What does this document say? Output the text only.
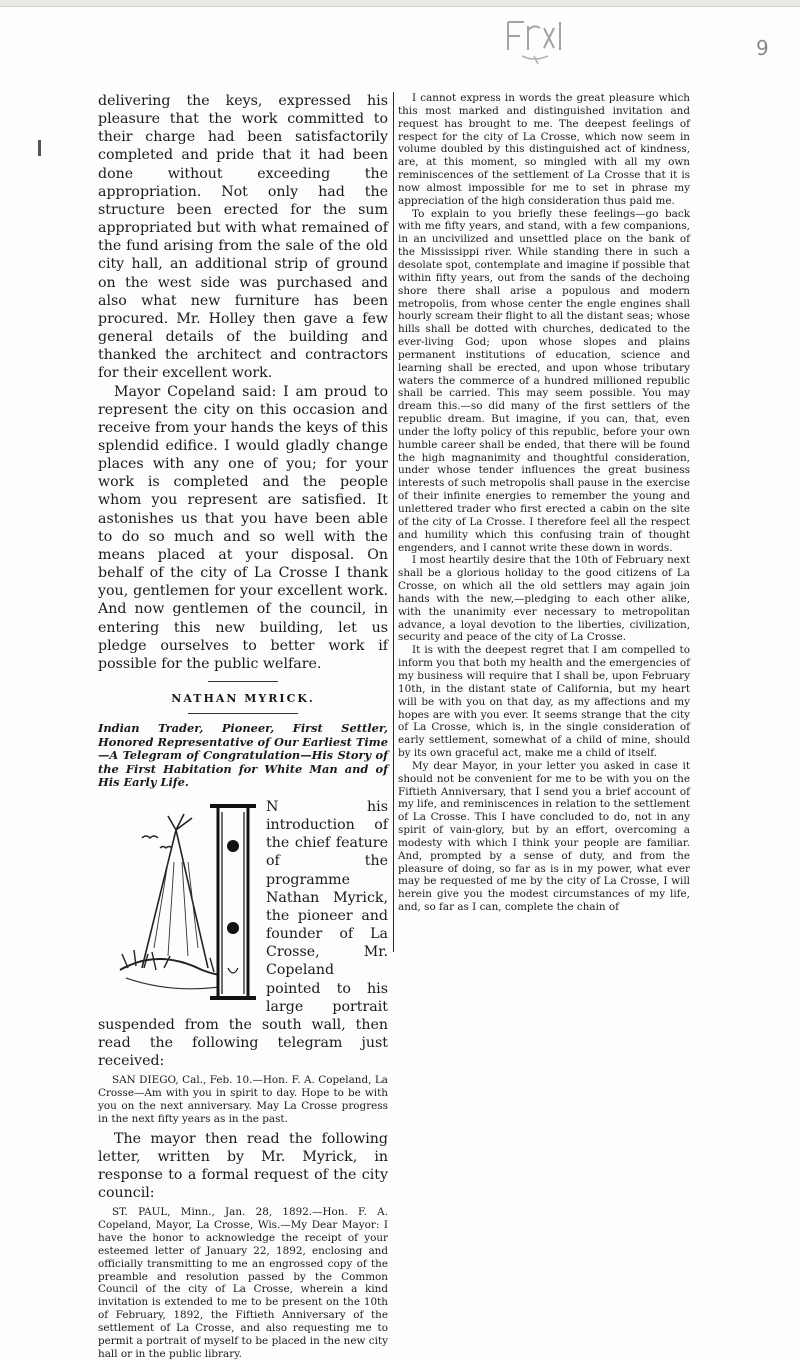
9

delivering the keys, expressed his pleasure that the work committed to their charge had been satisfactorily completed and pride that it had been done without exceeding the appropriation. Not only had the structure been erected for the sum appropriated but with what remained of the fund arising from the sale of the old city hall, an additional strip of ground on the west side was purchased and also what new furniture has been procured. Mr. Holley then gave a few general details of the building and thanked the architect and contractors for their excellent work.

Mayor Copeland said: I am proud to represent the city on this occasion and receive from your hands the keys of this splendid edifice. I would gladly change places with any one of you; for your work is completed and the people whom you represent are satisfied. It astonishes us that you have been able to do so much and so well with the means placed at your disposal. On behalf of the city of La Crosse I thank you, gentlemen for your excellent work. And now gentlemen of the council, in entering this new building, let us pledge ourselves to better work if possible for the public welfare.

NATHAN MYRICK.

Indian Trader, Pioneer, First Settler, Honored Representative of Our Earliest Time—A Telegram of Congratulation—His Story of the First Habitation for White Man and of His Early Life.

N his introduction of the chief feature of the programme Nathan Myrick, the pioneer and founder of La Crosse, Mr. Copeland pointed to his large portrait suspended from the south wall, then read the following telegram just received:

SAN DIEGO, Cal., Feb. 10.—Hon. F. A. Copeland, La Crosse—Am with you in spirit to day. Hope to be with you on the next anniversary. May La Crosse progress in the next fifty years as in the past.

The mayor then read the following letter, written by Mr. Myrick, in response to a formal request of the city council:

ST. PAUL, Minn., Jan. 28, 1892.—Hon. F. A. Copeland, Mayor, La Crosse, Wis.—My Dear Mayor: I have the honor to acknowledge the receipt of your esteemed letter of January 22, 1892, enclosing and officially transmitting to me an engrossed copy of the preamble and resolution passed by the Common Council of the city of La Crosse, wherein a kind invitation is extended to me to be present on the 10th of February, 1892, the Fiftieth Anniversary of the settlement of La Crosse, and also requesting me to permit a portrait of myself to be placed in the new city hall or in the public library.

I cannot express in words the great pleasure which this most marked and distinguished invitation and request has brought to me. The deepest feelings of respect for the city of La Crosse, which now seem in volume doubled by this distinguished act of kindness, are, at this moment, so mingled with all my own reminiscences of the settlement of La Crosse that it is now almost impossible for me to set in phrase my appreciation of the high consideration thus paid me.

To explain to you briefly these feelings—go back with me fifty years, and stand, with a few companions, in an uncivilized and unsettled place on the bank of the Mississippi river. While standing there in such a desolate spot, contemplate and imagine if possible that within fifty years, out from the sands of the dechoing shore there shall arise a populous and modern metropolis, from whose center the engle engines shall hourly scream their flight to all the distant seas; whose hills shall be dotted with churches, dedicated to the ever-living God; upon whose slopes and plains permanent institutions of education, science and learning shall be erected, and upon whose tributary waters the commerce of a hundred millioned republic shall be carried. This may seem possible. You may dream this.—so did many of the first settlers of the republic dream. But imagine, if you can, that, even under the lofty policy of this republic, before your own humble career shall be ended, that there will be found the high magnanimity and thoughtful consideration, under whose tender influences the great business interests of such metropolis shall pause in the exercise of their infinite energies to remember the young and unlettered trader who first erected a cabin on the site of the city of La Crosse. I therefore feel all the respect and humility which this confusing train of thought engenders, and I cannot write these down in words.

I most heartily desire that the 10th of February next shall be a glorious holiday to the good citizens of La Crosse, on which all the old settlers may again join hands with the new,—pledging to each other alike, with the unanimity ever necessary to metropolitan advance, a loyal devotion to the liberties, civilization, security and peace of the city of La Crosse.

It is with the deepest regret that I am compelled to inform you that both my health and the emergencies of my business will require that I shall be, upon February 10th, in the distant state of California, but my heart will be with you on that day, as my affections and my hopes are with you ever. It seems strange that the city of La Crosse, which is, in the single consideration of early settlement, somewhat of a child of mine, should by its own graceful act, make me a child of itself.

My dear Mayor, in your letter you asked in case it should not be convenient for me to be with you on the Fiftieth Anniversary, that I send you a brief account of my life, and reminiscences in relation to the settlement of La Crosse. This I have concluded to do, not in any spirit of vain-glory, but by an effort, overcoming a modesty with which I think your people are familiar. And, prompted by a sense of duty, and from the pleasure of doing, so far as is in my power, what ever may be requested of me by the city of La Crosse, I will herein give you the modest circumstances of my life, and, so far as I can, complete the chain of
